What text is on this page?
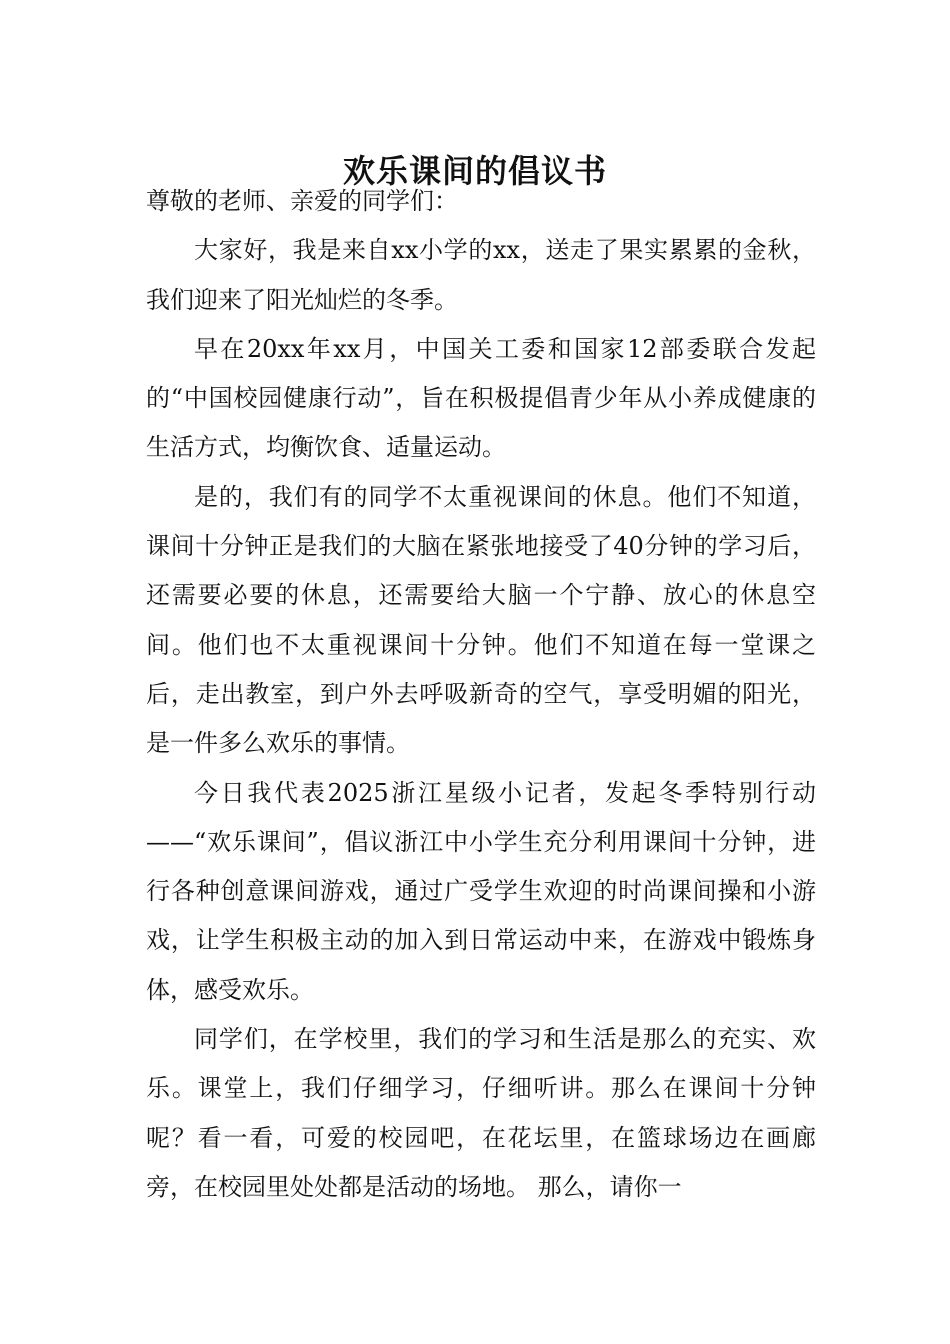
欢乐课间的倡议书

尊敬的老师、亲爱的同学们：

大家好，我是来自xx小学的xx，送走了果实累累的金秋，我们迎来了阳光灿烂的冬季。

早在20xx年xx月，中国关工委和国家12部委联合发起的“中国校园健康行动”，旨在积极提倡青少年从小养成健康的生活方式，均衡饮食、适量运动。

是的，我们有的同学不太重视课间的休息。他们不知道，课间十分钟正是我们的大脑在紧张地接受了40分钟的学习后，还需要必要的休息，还需要给大脑一个宁静、放心的休息空间。他们也不太重视课间十分钟。他们不知道在每一堂课之后，走出教室，到户外去呼吸新奇的空气，享受明媚的阳光，是一件多么欢乐的事情。

今日我代表2025浙江星级小记者，发起冬季特别行动——“欢乐课间”，倡议浙江中小学生充分利用课间十分钟，进行各种创意课间游戏，通过广受学生欢迎的时尚课间操和小游戏，让学生积极主动的加入到日常运动中来，在游戏中锻炼身体，感受欢乐。

同学们，在学校里，我们的学习和生活是那么的充实、欢乐。课堂上，我们仔细学习，仔细听讲。那么在课间十分钟呢？看一看，可爱的校园吧，在花坛里，在篮球场边在画廊旁，在校园里处处都是活动的场地。 那么，请你一
